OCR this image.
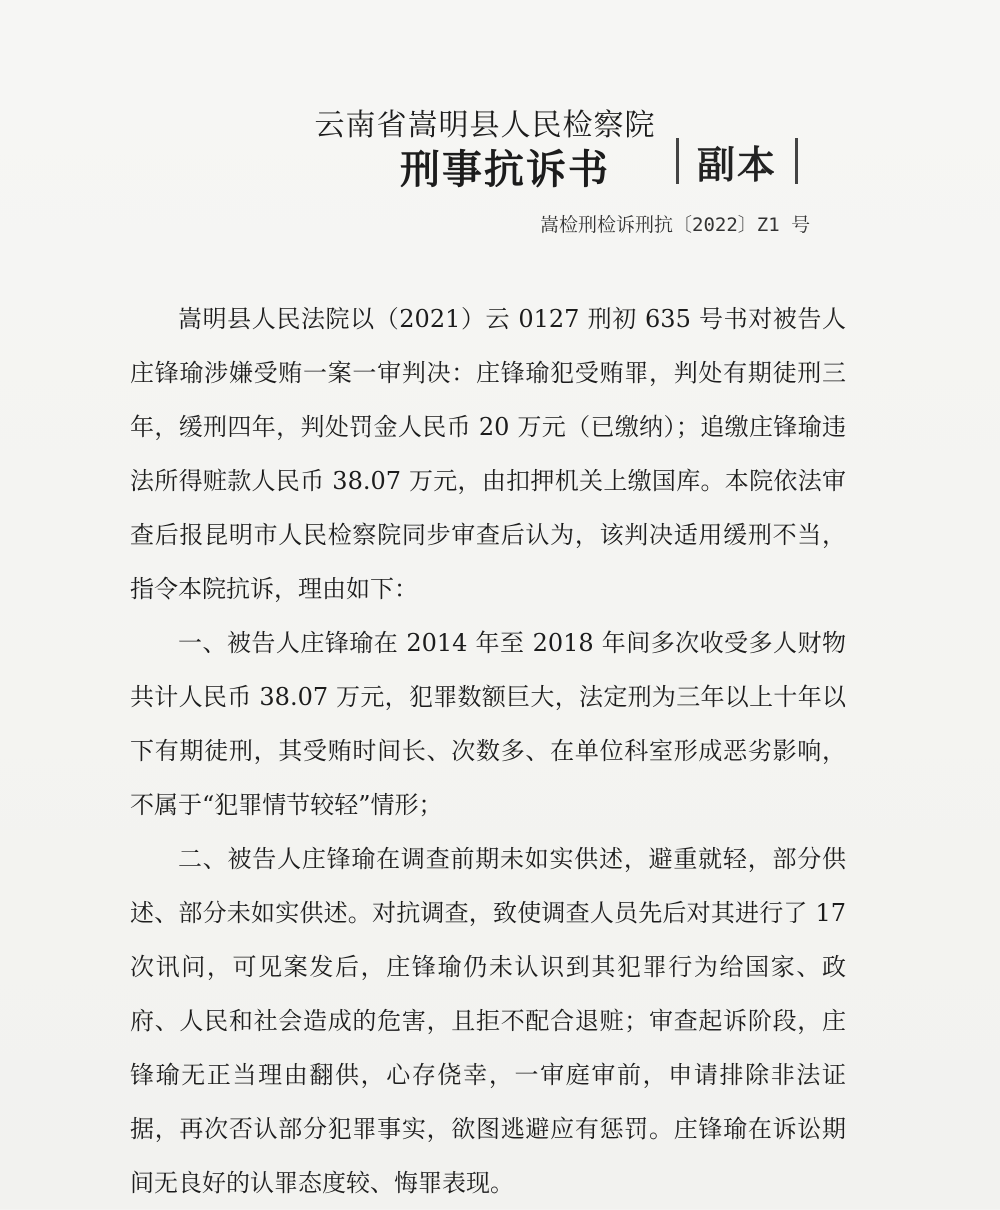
云南省嵩明县人民检察院
刑事抗诉书	副本
嵩检刑检诉刑抗〔2022〕Z1 号

嵩明县人民法院以（2021）云 0127 刑初 635 号书对被告人庄锋瑜涉嫌受贿一案一审判决：庄锋瑜犯受贿罪，判处有期徒刑三年，缓刑四年，判处罚金人民币 20 万元（已缴纳）；追缴庄锋瑜违法所得赃款人民币 38.07 万元，由扣押机关上缴国库。本院依法审查后报昆明市人民检察院同步审查后认为，该判决适用缓刑不当，指令本院抗诉，理由如下：

一、被告人庄锋瑜在 2014 年至 2018 年间多次收受多人财物共计人民币 38.07 万元，犯罪数额巨大，法定刑为三年以上十年以下有期徒刑，其受贿时间长、次数多、在单位科室形成恶劣影响，不属于“犯罪情节较轻”情形；

二、被告人庄锋瑜在调查前期未如实供述，避重就轻，部分供述、部分未如实供述。对抗调查，致使调查人员先后对其进行了 17 次讯问，可见案发后，庄锋瑜仍未认识到其犯罪行为给国家、政府、人民和社会造成的危害，且拒不配合退赃；审查起诉阶段，庄锋瑜无正当理由翻供，心存侥幸，一审庭审前，申请排除非法证据，再次否认部分犯罪事实，欲图逃避应有惩罚。庄锋瑜在诉讼期间无良好的认罪态度较、悔罪表现。
